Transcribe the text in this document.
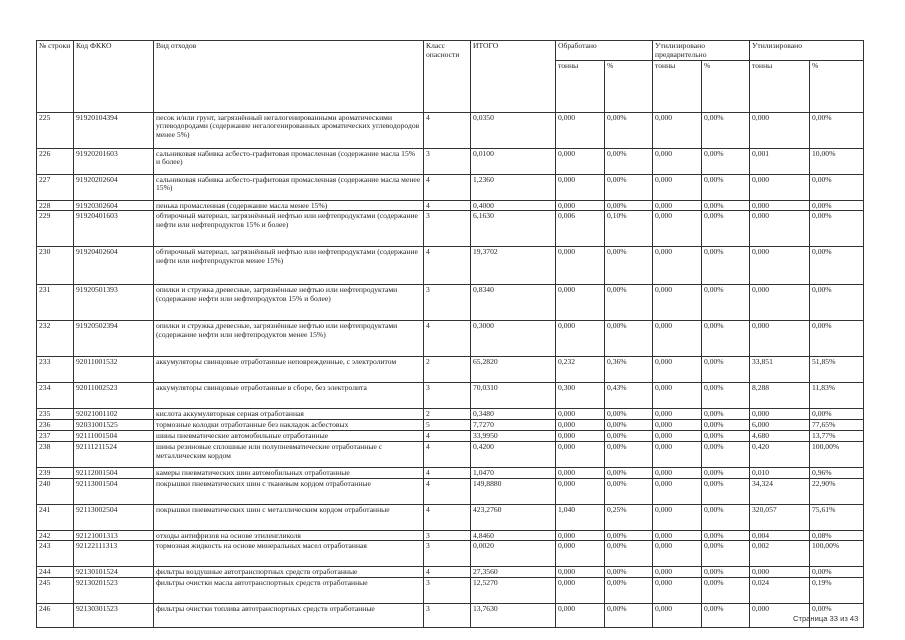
№ строки	Код ФККО	Вид отходов	Класс опасности	ИТОГО	Обработано		Утилизировано предварительно		Утилизировано	
					тонны	%	тонны	%	тонны	%
225	91920104394	песок и/или грунт, загрязнённый негалогенированными ароматическими углеводородами (содержание негалогенированных ароматических углеводородов менее 5%)	4	0,0350	0,000	0,00%	0,000	0,00%	0,000	0,00%
226	91920201603	сальниковая набивка асбесто-графитовая промасленная (содержание масла 15% и более)	3	0,0100	0,000	0,00%	0,000	0,00%	0,001	10,00%
227	91920202604	сальниковая набивка асбесто-графитовая промасленная (содержание масла менее 15%)	4	1,2360	0,000	0,00%	0,000	0,00%	0,000	0,00%
228	91920302604	пенька промасленная (содержание масла менее 15%)	4	0,4000	0,000	0,00%	0,000	0,00%	0,000	0,00%
229	91920401603	обтирочный материал, загрязнённый нефтью или нефтепродуктами (содержание нефти или нефтепродуктов 15% и более)	3	6,1630	0,006	0,10%	0,000	0,00%	0,000	0,00%
230	91920402604	обтирочный материал, загрязнённый нефтью или нефтепродуктами (содержание нефти или нефтепродуктов менее 15%)	4	19,3702	0,000	0,00%	0,000	0,00%	0,000	0,00%
231	91920501393	опилки и стружка древесные, загрязнённые нефтью или нефтепродуктами (содержание нефти или нефтепродуктов 15% и более)	3	0,8340	0,000	0,00%	0,000	0,00%	0,000	0,00%
232	91920502394	опилки и стружка древесные, загрязнённые нефтью или нефтепродуктами (содержание нефти или нефтепродуктов менее 15%)	4	0,3000	0,000	0,00%	0,000	0,00%	0,000	0,00%
233	92011001532	аккумуляторы свинцовые отработанные неповрежденные, с электролитом	2	65,2820	0,232	0,36%	0,000	0,00%	33,851	51,85%
234	92011002523	аккумуляторы свинцовые отработанные в сборе, без электролита	3	70,0310	0,300	0,43%	0,000	0,00%	8,288	11,83%
235	92021001102	кислота аккумуляторная серная отработанная	2	0,3480	0,000	0,00%	0,000	0,00%	0,000	0,00%
236	92031001525	тормозные колодки отработанные без накладок асбестовых	5	7,7270	0,000	0,00%	0,000	0,00%	6,000	77,65%
237	92111001504	шины пневматические автомобильные отработанные	4	33,9950	0,000	0,00%	0,000	0,00%	4,680	13,77%
238	92111211524	шины резиновые сплошные или полупневматические отработанные с металлическим кордом	4	0,4200	0,000	0,00%	0,000	0,00%	0,420	100,00%
239	92112001504	камеры пневматических шин автомобильных отработанные	4	1,0470	0,000	0,00%	0,000	0,00%	0,010	0,96%
240	92113001504	покрышки пневматических шин с тканевым кордом отработанные	4	149,8880	0,000	0,00%	0,000	0,00%	34,324	22,90%
241	92113002504	покрышки пневматических шин с металлическим кордом отработанные	4	423,2760	1,040	0,25%	0,000	0,00%	320,057	75,61%
242	92121001313	отходы антифризов на основе этиленгликоля	3	4,8460	0,000	0,00%	0,000	0,00%	0,004	0,08%
243	92122111313	тормозная жидкость на основе минеральных масел отработанная	3	0,0020	0,000	0,00%	0,000	0,00%	0,002	100,00%
244	92130101524	фильтры воздушные автотранспортных средств отработанные	4	27,3560	0,000	0,00%	0,000	0,00%	0,000	0,00%
245	92130201523	фильтры очистки масла автотранспортных средств отработанные	3	12,5270	0,000	0,00%	0,000	0,00%	0,024	0,19%
246	92130301523	фильтры очистки топлива автотранспортных средств отработанные	3	13,7630	0,000	0,00%	0,000	0,00%	0,000	0,00%
Страница 33 из 43
